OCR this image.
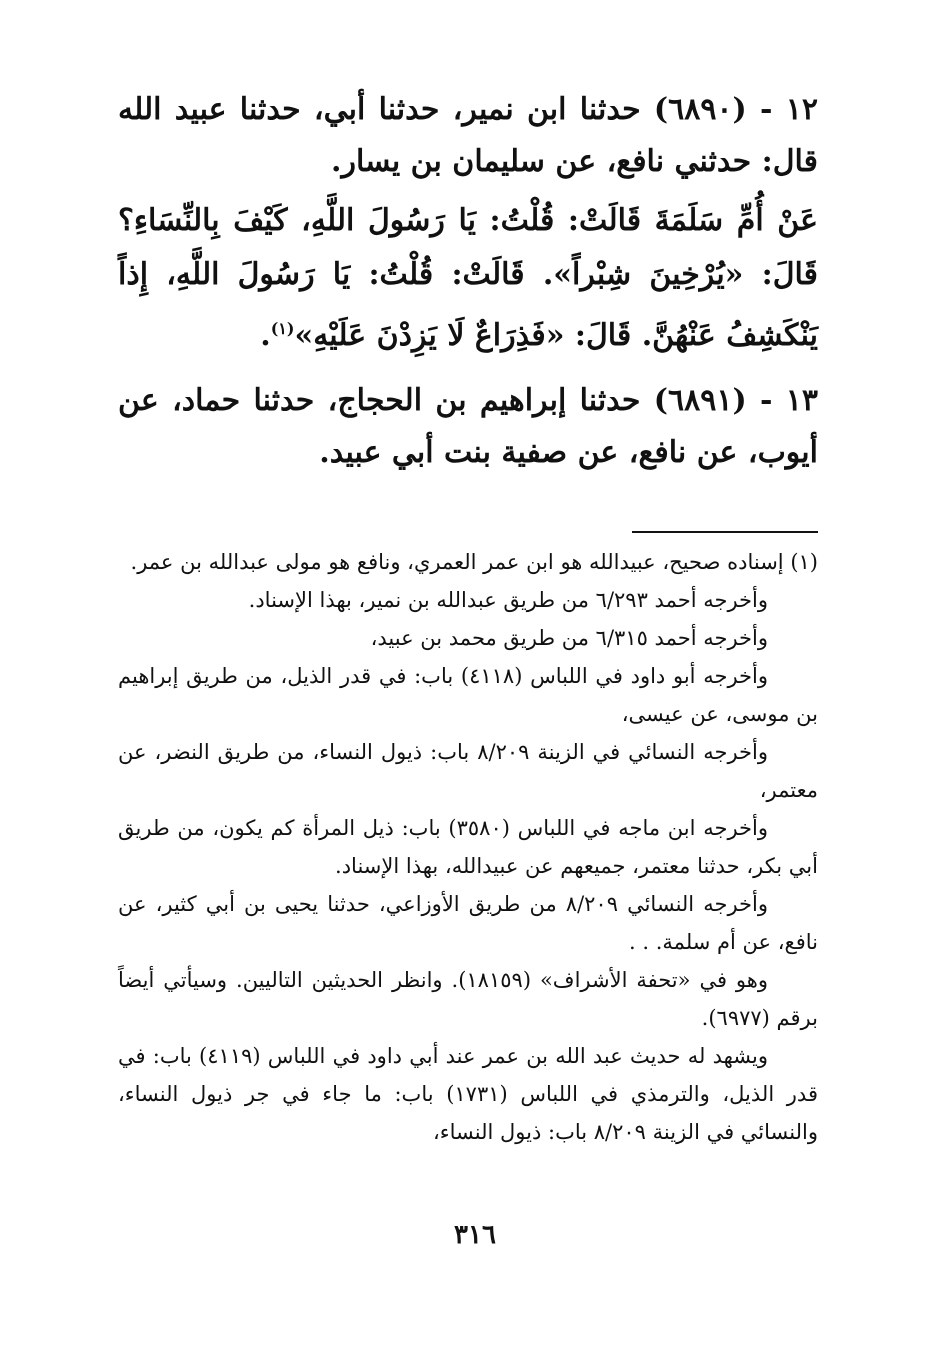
١٢ - (٦٨٩٠) حدثنا ابن نمير، حدثنا أبي، حدثنا عبيد الله قال: حدثني نافع، عن سليمان بن يسار.

عَنْ أُمِّ سَلَمَةَ قَالَتْ: قُلْتُ: يَا رَسُولَ اللَّهِ، كَيْفَ بِالنِّسَاءِ؟ قَالَ: «يُرْخِينَ شِبْراً». قَالَتْ: قُلْتُ: يَا رَسُولَ اللَّهِ، إِذاً يَنْكَشِفُ عَنْهُنَّ. قَالَ: «فَذِرَاعٌ لَا يَزِدْنَ عَلَيْهِ»$^{(١)}$.

١٣ - (٦٨٩١) حدثنا إبراهيم بن الحجاج، حدثنا حماد، عن أيوب، عن نافع، عن صفية بنت أبي عبيد.

(١) إسناده صحيح، عبيدالله هو ابن عمر العمري، ونافع هو مولى عبدالله بن عمر.

وأخرجه أحمد ٦/٢٩٣ من طريق عبدالله بن نمير، بهذا الإسناد.

وأخرجه أحمد ٦/٣١٥ من طريق محمد بن عبيد،

وأخرجه أبو داود في اللباس (٤١١٨) باب: في قدر الذيل، من طريق إبراهيم بن موسى، عن عيسى،

وأخرجه النسائي في الزينة ٨/٢٠٩ باب: ذيول النساء، من طريق النضر، عن معتمر،

وأخرجه ابن ماجه في اللباس (٣٥٨٠) باب: ذيل المرأة كم يكون، من طريق أبي بكر، حدثنا معتمر، جميعهم عن عبيدالله، بهذا الإسناد.

وأخرجه النسائي ٨/٢٠٩ من طريق الأوزاعي، حدثنا يحيى بن أبي كثير، عن نافع، عن أم سلمة. . .

وهو في «تحفة الأشراف» (١٨١٥٩). وانظر الحديثين التاليين. وسيأتي أيضاً برقم (٦٩٧٧).

ويشهد له حديث عبد الله بن عمر عند أبي داود في اللباس (٤١١٩) باب: في قدر الذيل، والترمذي في اللباس (١٧٣١) باب: ما جاء في جر ذيول النساء، والنسائي في الزينة ٨/٢٠٩ باب: ذيول النساء،

٣١٦
